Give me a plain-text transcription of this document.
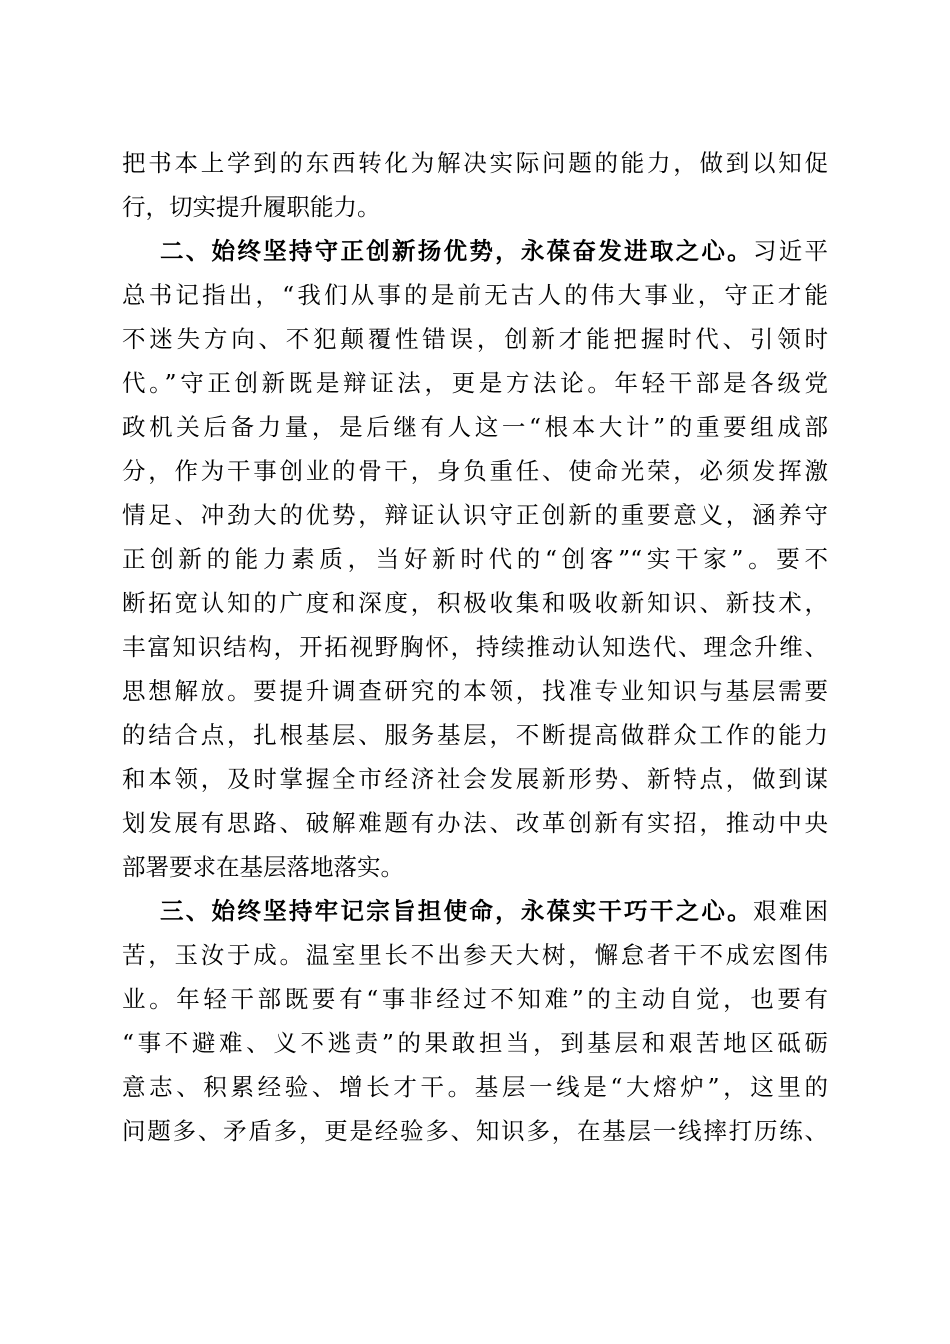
把书本上学到的东西转化为解决实际问题的能力，做到以知促
行，切实提升履职能力。
二、始终坚持守正创新扬优势，永葆奋发进取之心。习近平
总书记指出，“我们从事的是前无古人的伟大事业，守正才能
不迷失方向、不犯颠覆性错误，创新才能把握时代、引领时
代。”守正创新既是辩证法，更是方法论。年轻干部是各级党
政机关后备力量，是后继有人这一“根本大计”的重要组成部
分，作为干事创业的骨干，身负重任、使命光荣，必须发挥激
情足、冲劲大的优势，辩证认识守正创新的重要意义，涵养守
正创新的能力素质，当好新时代的“创客”“实干家”。要不
断拓宽认知的广度和深度，积极收集和吸收新知识、新技术，
丰富知识结构，开拓视野胸怀，持续推动认知迭代、理念升维、
思想解放。要提升调查研究的本领，找准专业知识与基层需要
的结合点，扎根基层、服务基层，不断提高做群众工作的能力
和本领，及时掌握全市经济社会发展新形势、新特点，做到谋
划发展有思路、破解难题有办法、改革创新有实招，推动中央
部署要求在基层落地落实。
三、始终坚持牢记宗旨担使命，永葆实干巧干之心。艰难困
苦，玉汝于成。温室里长不出参天大树，懈怠者干不成宏图伟
业。年轻干部既要有“事非经过不知难”的主动自觉，也要有
“事不避难、义不逃责”的果敢担当，到基层和艰苦地区砥砺
意志、积累经验、增长才干。基层一线是“大熔炉”，这里的
问题多、矛盾多，更是经验多、知识多，在基层一线摔打历练、
